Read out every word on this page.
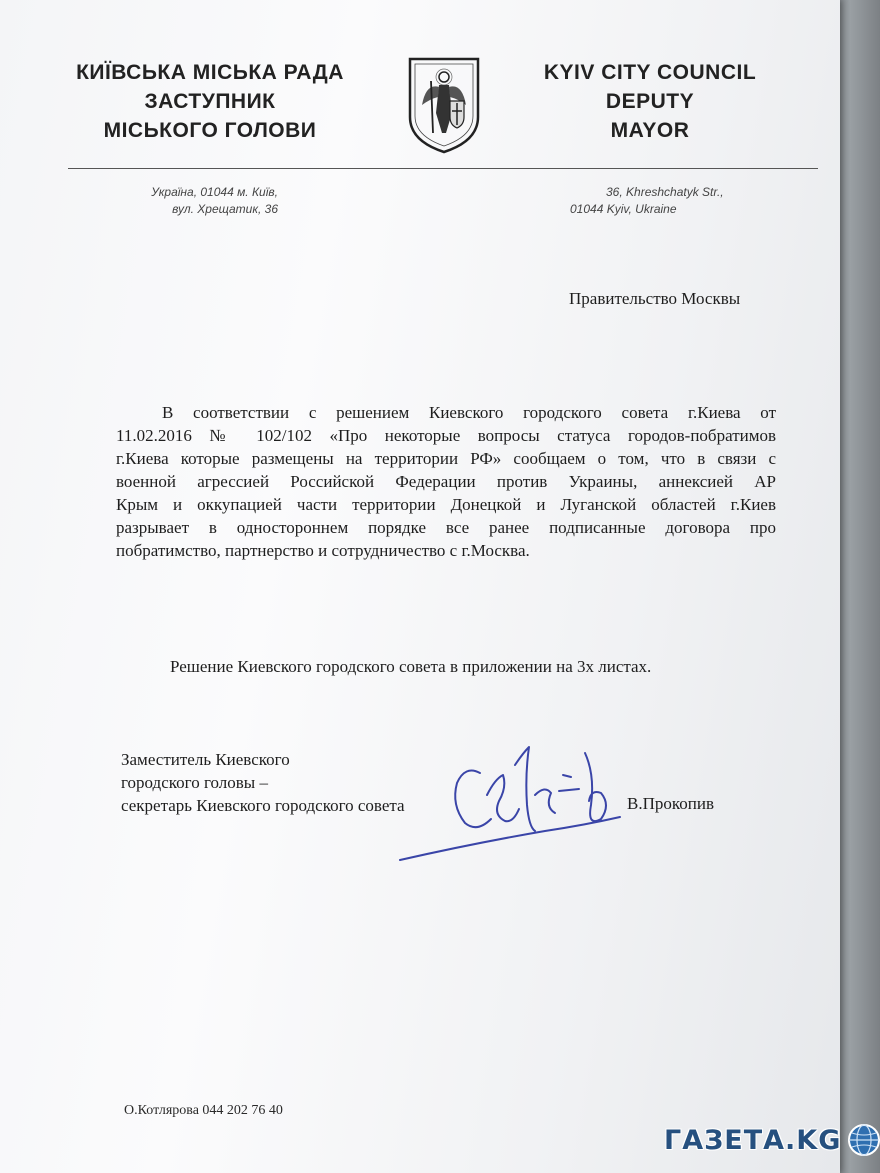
КИЇВСЬКА МІСЬКА РАДА
ЗАСТУПНИК
МІСЬКОГО ГОЛОВИ
KYIV CITY COUNCIL
DEPUTY
MAYOR
Україна, 01044 м. Київ,
вул. Хрещатик, 36
36, Khreshchatyk Str.,
01044 Kyiv, Ukraine
Правительство Москвы
В соответствии с решением Киевского городского совета г.Киева от
11.02.2016 № 102/102 «Про некоторые вопросы статуса городов-побратимов
г.Киева которые размещены на территории РФ» сообщаем о том, что в связи с
военной агрессией Российской Федерации против Украины, аннексией АР
Крым и оккупацией части территории Донецкой и Луганской областей г.Киев
разрывает в одностороннем порядке все ранее подписанные договора про
побратимство, партнерство и сотрудничество с г.Москва.
Решение Киевского городского совета в приложении на 3х листах.
Заместитель Киевского
городского головы –
секретарь Киевского городского совета	В.Прокопив
О.Котлярова 044 202 76 40
ГАЗЕТА.KG
